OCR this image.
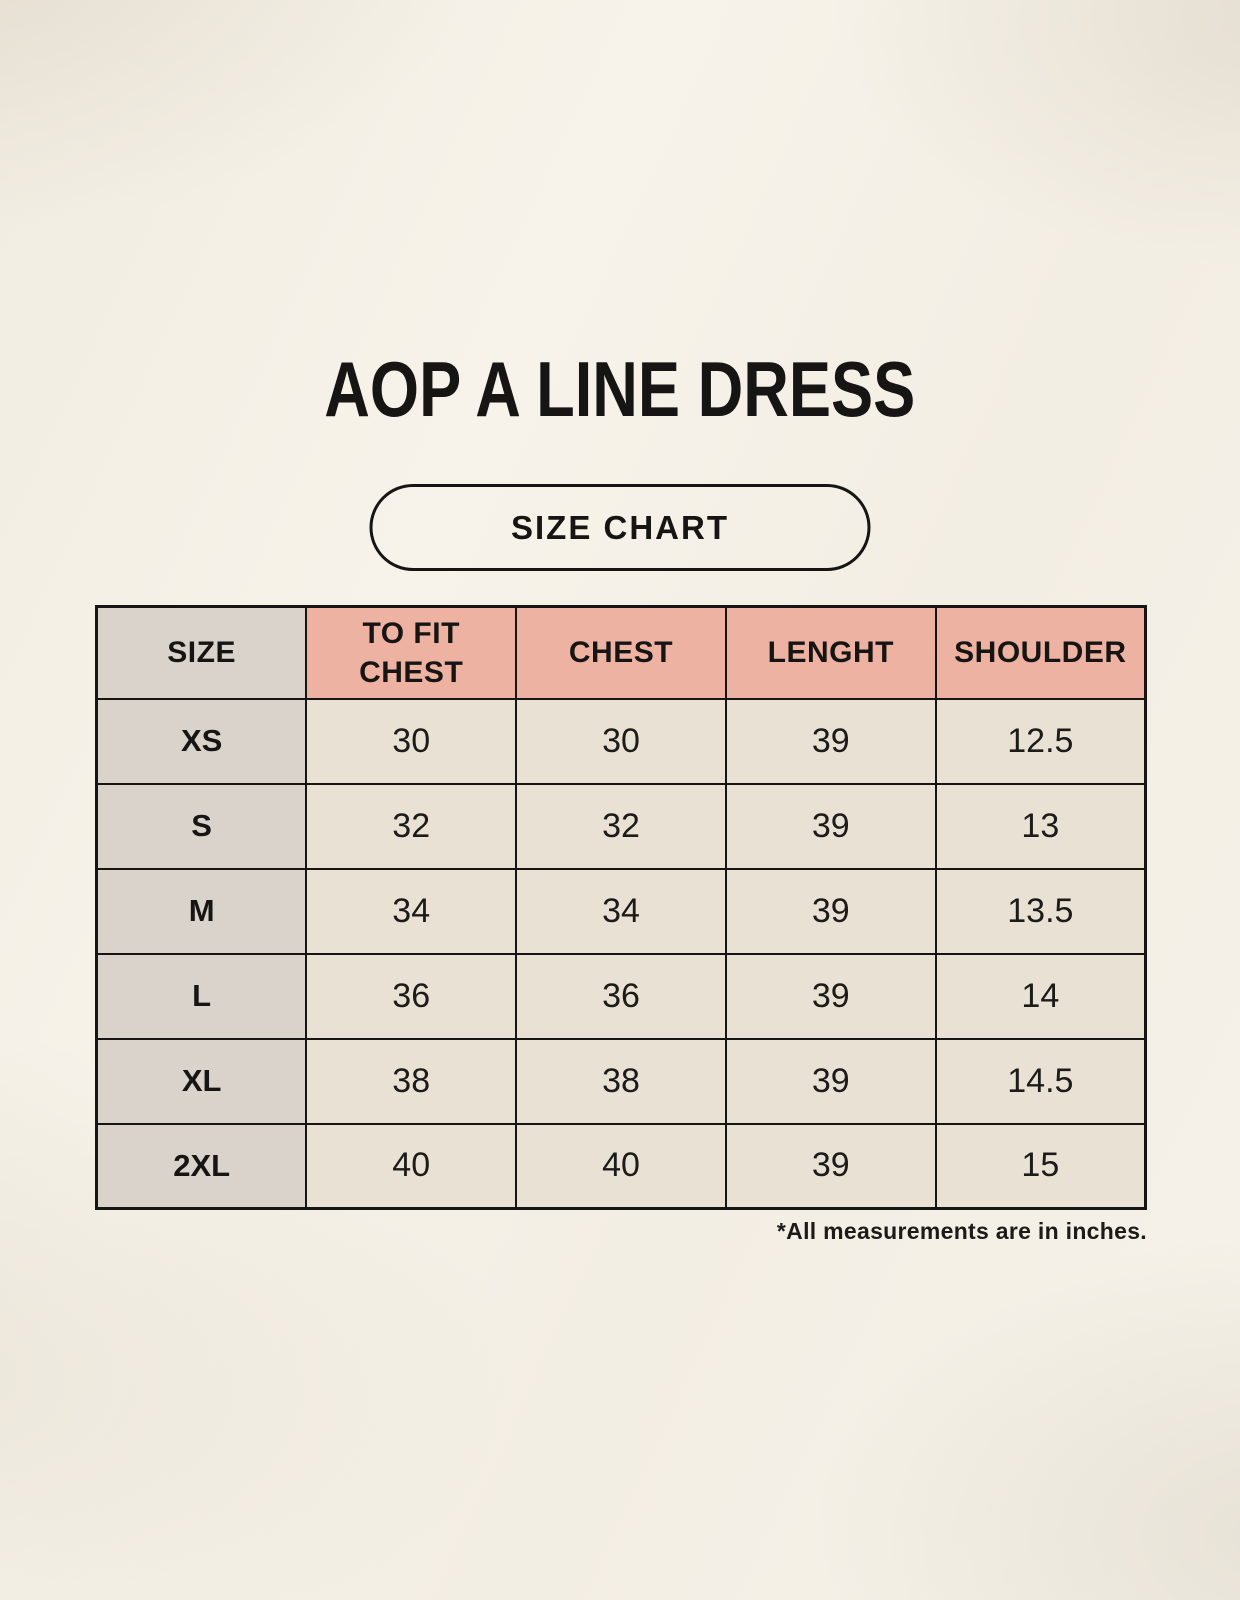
AOP A LINE DRESS
SIZE CHART
SIZE	TO FIT CHEST	CHEST	LENGHT	SHOULDER
XS	30	30	39	12.5
S	32	32	39	13
M	34	34	39	13.5
L	36	36	39	14
XL	38	38	39	14.5
2XL	40	40	39	15
*All measurements are in inches.
